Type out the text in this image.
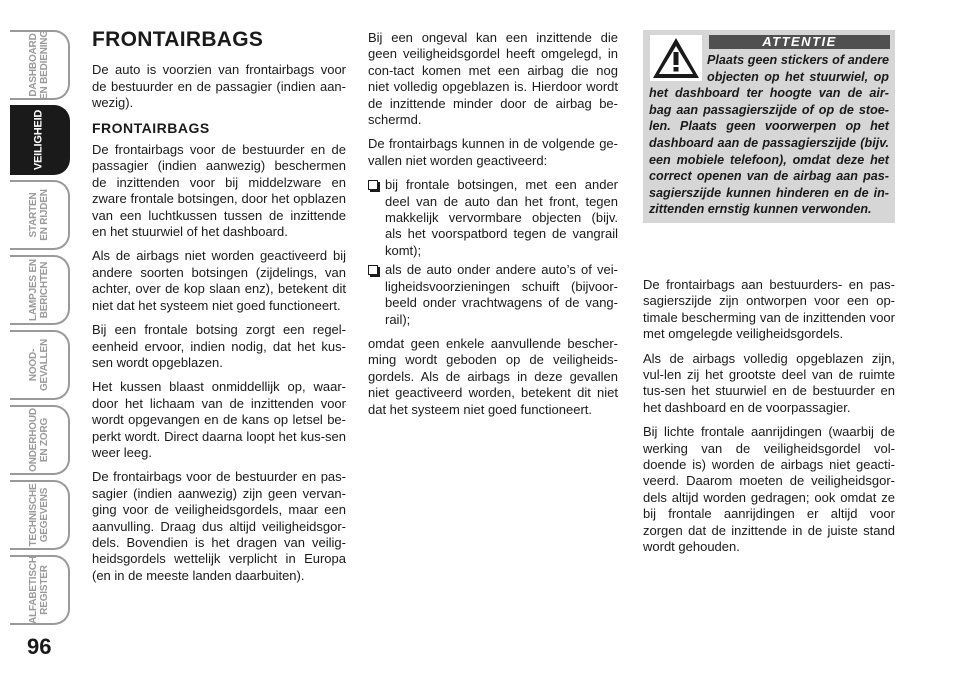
DASHBOARD
EN BEDIENING
VEILIGHEID
STARTEN
EN RIJDEN
LAMPJES EN
BERICHTEN
NOOD-
GEVALLEN
ONDERHOUD
EN ZORG
TECHNISCHE
GEGEVENS
ALFABETISCH
REGISTER
96
FRONTAIRBAGS

De auto is voorzien van frontairbags voor de bestuurder en de passagier (indien aan-wezig).

FRONTAIRBAGS

De frontairbags voor de bestuurder en de passagier (indien aanwezig) beschermen de inzittenden voor bij middelzware en zware frontale botsingen, door het opblazen van een luchtkussen tussen de inzittende en het stuurwiel of het dashboard.

Als de airbags niet worden geactiveerd bij andere soorten botsingen (zijdelings, van achter, over de kop slaan enz), betekent dit niet dat het systeem niet goed functioneert.

Bij een frontale botsing zorgt een regel-eenheid ervoor, indien nodig, dat het kus-sen wordt opgeblazen.

Het kussen blaast onmiddellijk op, waar-door het lichaam van de inzittenden voor wordt opgevangen en de kans op letsel be-perkt wordt. Direct daarna loopt het kus-sen weer leeg.

De frontairbags voor de bestuurder en pas-sagier (indien aanwezig) zijn geen vervan-ging voor de veiligheidsgordels, maar een aanvulling. Draag dus altijd veiligheidsgor-dels. Bovendien is het dragen van veilig-heidsgordels wettelijk verplicht in Europa (en in de meeste landen daarbuiten).

Bij een ongeval kan een inzittende die geen veiligheidsgordel heeft omgelegd, in con-tact komen met een airbag die nog niet volledig opgeblazen is. Hierdoor wordt de inzittende minder door de airbag be-schermd.

De frontairbags kunnen in de volgende ge-vallen niet worden geactiveerd:

bij frontale botsingen, met een ander deel van de auto dan het front, tegen makkelijk vervormbare objecten (bijv. als het voorspatbord tegen de vangrail komt);
als de auto onder andere auto’s of vei-ligheidsvoorzieningen schuift (bijvoor-beeld onder vrachtwagens of de vang-rail);

omdat geen enkele aanvullende bescher-ming wordt geboden op de veiligheids-gordels. Als de airbags in deze gevallen niet geactiveerd worden, betekent dit niet dat het systeem niet goed functioneert.

ATTENTIE
Plaats geen stickers of andere objecten op het stuurwiel, op het dashboard ter hoogte van de air-bag aan passagierszijde of op de stoe-len. Plaats geen voorwerpen op het dashboard aan de passagierszijde (bijv. een mobiele telefoon), omdat deze het correct openen van de airbag aan pas-sagierszijde kunnen hinderen en de in-zittenden ernstig kunnen verwonden.

De frontairbags aan bestuurders- en pas-sagierszijde zijn ontworpen voor een op-timale bescherming van de inzittenden voor met omgelegde veiligheidsgordels.

Als de airbags volledig opgeblazen zijn, vul-len zij het grootste deel van de ruimte tus-sen het stuurwiel en de bestuurder en het dashboard en de voorpassagier.

Bij lichte frontale aanrijdingen (waarbij de werking van de veiligheidsgordel vol-doende is) worden de airbags niet geacti-veerd. Daarom moeten de veiligheidsgor-dels altijd worden gedragen; ook omdat ze bij frontale aanrijdingen er altijd voor zorgen dat de inzittende in de juiste stand wordt gehouden.
